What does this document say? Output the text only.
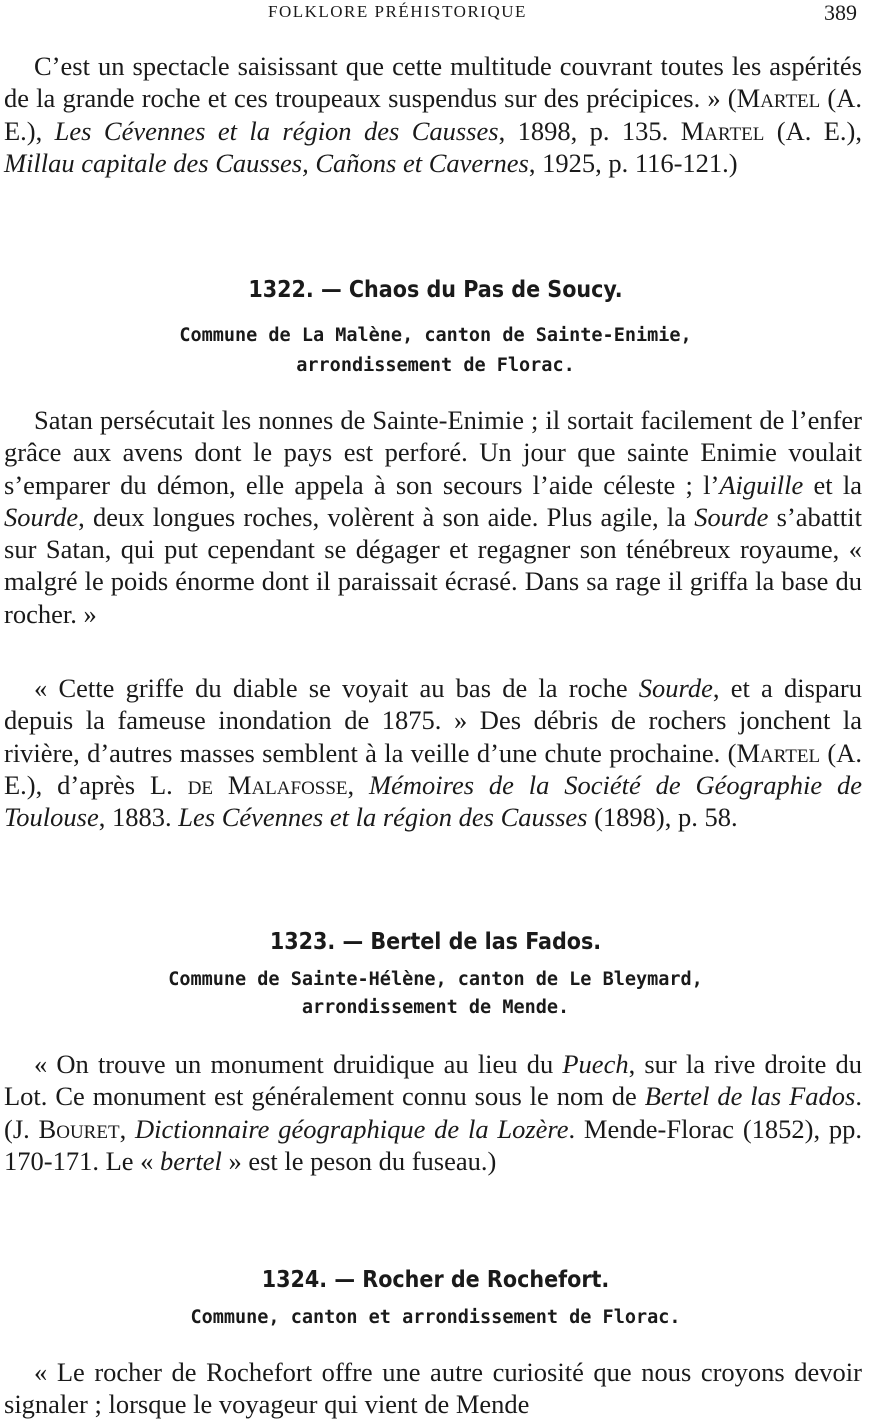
FOLKLORE PRÉHISTORIQUE	389

C’est un spectacle saisissant que cette multitude couvrant toutes les aspérités de la grande roche et ces troupeaux suspendus sur des précipices. » (Martel (A. E.), Les Cévennes et la région des Causses, 1898, p. 135. Martel (A. E.), Millau capitale des Causses, Cañons et Cavernes, 1925, p. 116-121.)

1322. — Chaos du Pas de Soucy.

Commune de La Malène, canton de Sainte-Enimie,

arrondissement de Florac.

Satan persécutait les nonnes de Sainte-Enimie ; il sortait facilement de l’enfer grâce aux avens dont le pays est perforé. Un jour que sainte Enimie voulait s’emparer du démon, elle appela à son secours l’aide céleste ; l’Aiguille et la Sourde, deux longues roches, volèrent à son aide. Plus agile, la Sourde s’abattit sur Satan, qui put cependant se dégager et regagner son ténébreux royaume, « malgré le poids énorme dont il paraissait écrasé. Dans sa rage il griffa la base du rocher. »

« Cette griffe du diable se voyait au bas de la roche Sourde, et a disparu depuis la fameuse inondation de 1875. » Des débris de rochers jonchent la rivière, d’autres masses semblent à la veille d’une chute prochaine. (Martel (A. E.), d’après L. de Malafosse, Mémoires de la Société de Géographie de Toulouse, 1883. Les Cévennes et la région des Causses (1898), p. 58.

1323. — Bertel de las Fados.

Commune de Sainte-Hélène, canton de Le Bleymard,

arrondissement de Mende.

« On trouve un monument druidique au lieu du Puech, sur la rive droite du Lot. Ce monument est généralement connu sous le nom de Bertel de las Fados. (J. Bouret, Dictionnaire géographique de la Lozère. Mende-Florac (1852), pp. 170-171. Le « bertel » est le peson du fuseau.)

1324. — Rocher de Rochefort.

Commune, canton et arrondissement de Florac.

« Le rocher de Rochefort offre une autre curiosité que nous croyons devoir signaler ; lorsque le voyageur qui vient de Mende
